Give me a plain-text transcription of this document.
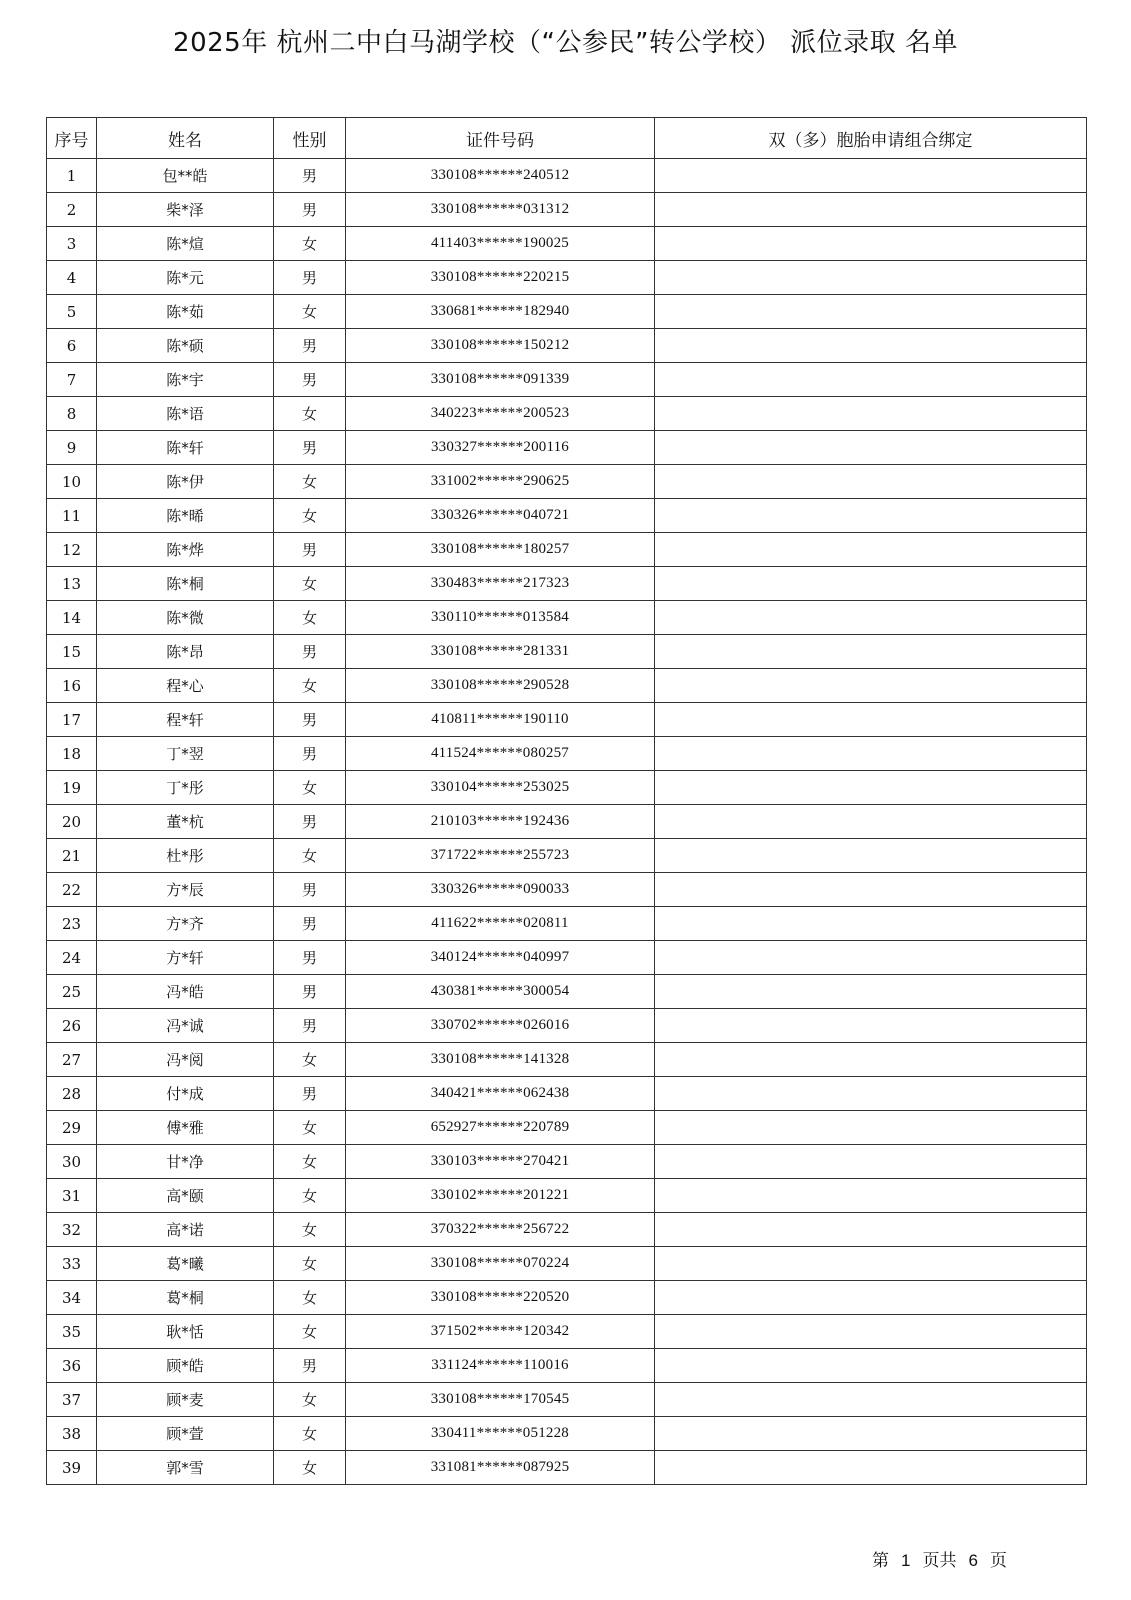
2025年 杭州二中白马湖学校（“公参民”转公学校） 派位录取 名单
序号	姓名	性别	证件号码	双（多）胞胎申请组合绑定
1	包**皓	男	330108******240512	
2	柴*泽	男	330108******031312	
3	陈*煊	女	411403******190025	
4	陈*元	男	330108******220215	
5	陈*茹	女	330681******182940	
6	陈*硕	男	330108******150212	
7	陈*宇	男	330108******091339	
8	陈*语	女	340223******200523	
9	陈*轩	男	330327******200116	
10	陈*伊	女	331002******290625	
11	陈*晞	女	330326******040721	
12	陈*烨	男	330108******180257	
13	陈*桐	女	330483******217323	
14	陈*微	女	330110******013584	
15	陈*昂	男	330108******281331	
16	程*心	女	330108******290528	
17	程*轩	男	410811******190110	
18	丁*翌	男	411524******080257	
19	丁*彤	女	330104******253025	
20	董*杭	男	210103******192436	
21	杜*彤	女	371722******255723	
22	方*辰	男	330326******090033	
23	方*齐	男	411622******020811	
24	方*轩	男	340124******040997	
25	冯*皓	男	430381******300054	
26	冯*诚	男	330702******026016	
27	冯*阅	女	330108******141328	
28	付*成	男	340421******062438	
29	傅*雅	女	652927******220789	
30	甘*净	女	330103******270421	
31	高*颐	女	330102******201221	
32	高*诺	女	370322******256722	
33	葛*曦	女	330108******070224	
34	葛*桐	女	330108******220520	
35	耿*恬	女	371502******120342	
36	顾*皓	男	331124******110016	
37	顾*麦	女	330108******170545	
38	顾*萱	女	330411******051228	
39	郭*雪	女	331081******087925	
第 1 页共 6 页
